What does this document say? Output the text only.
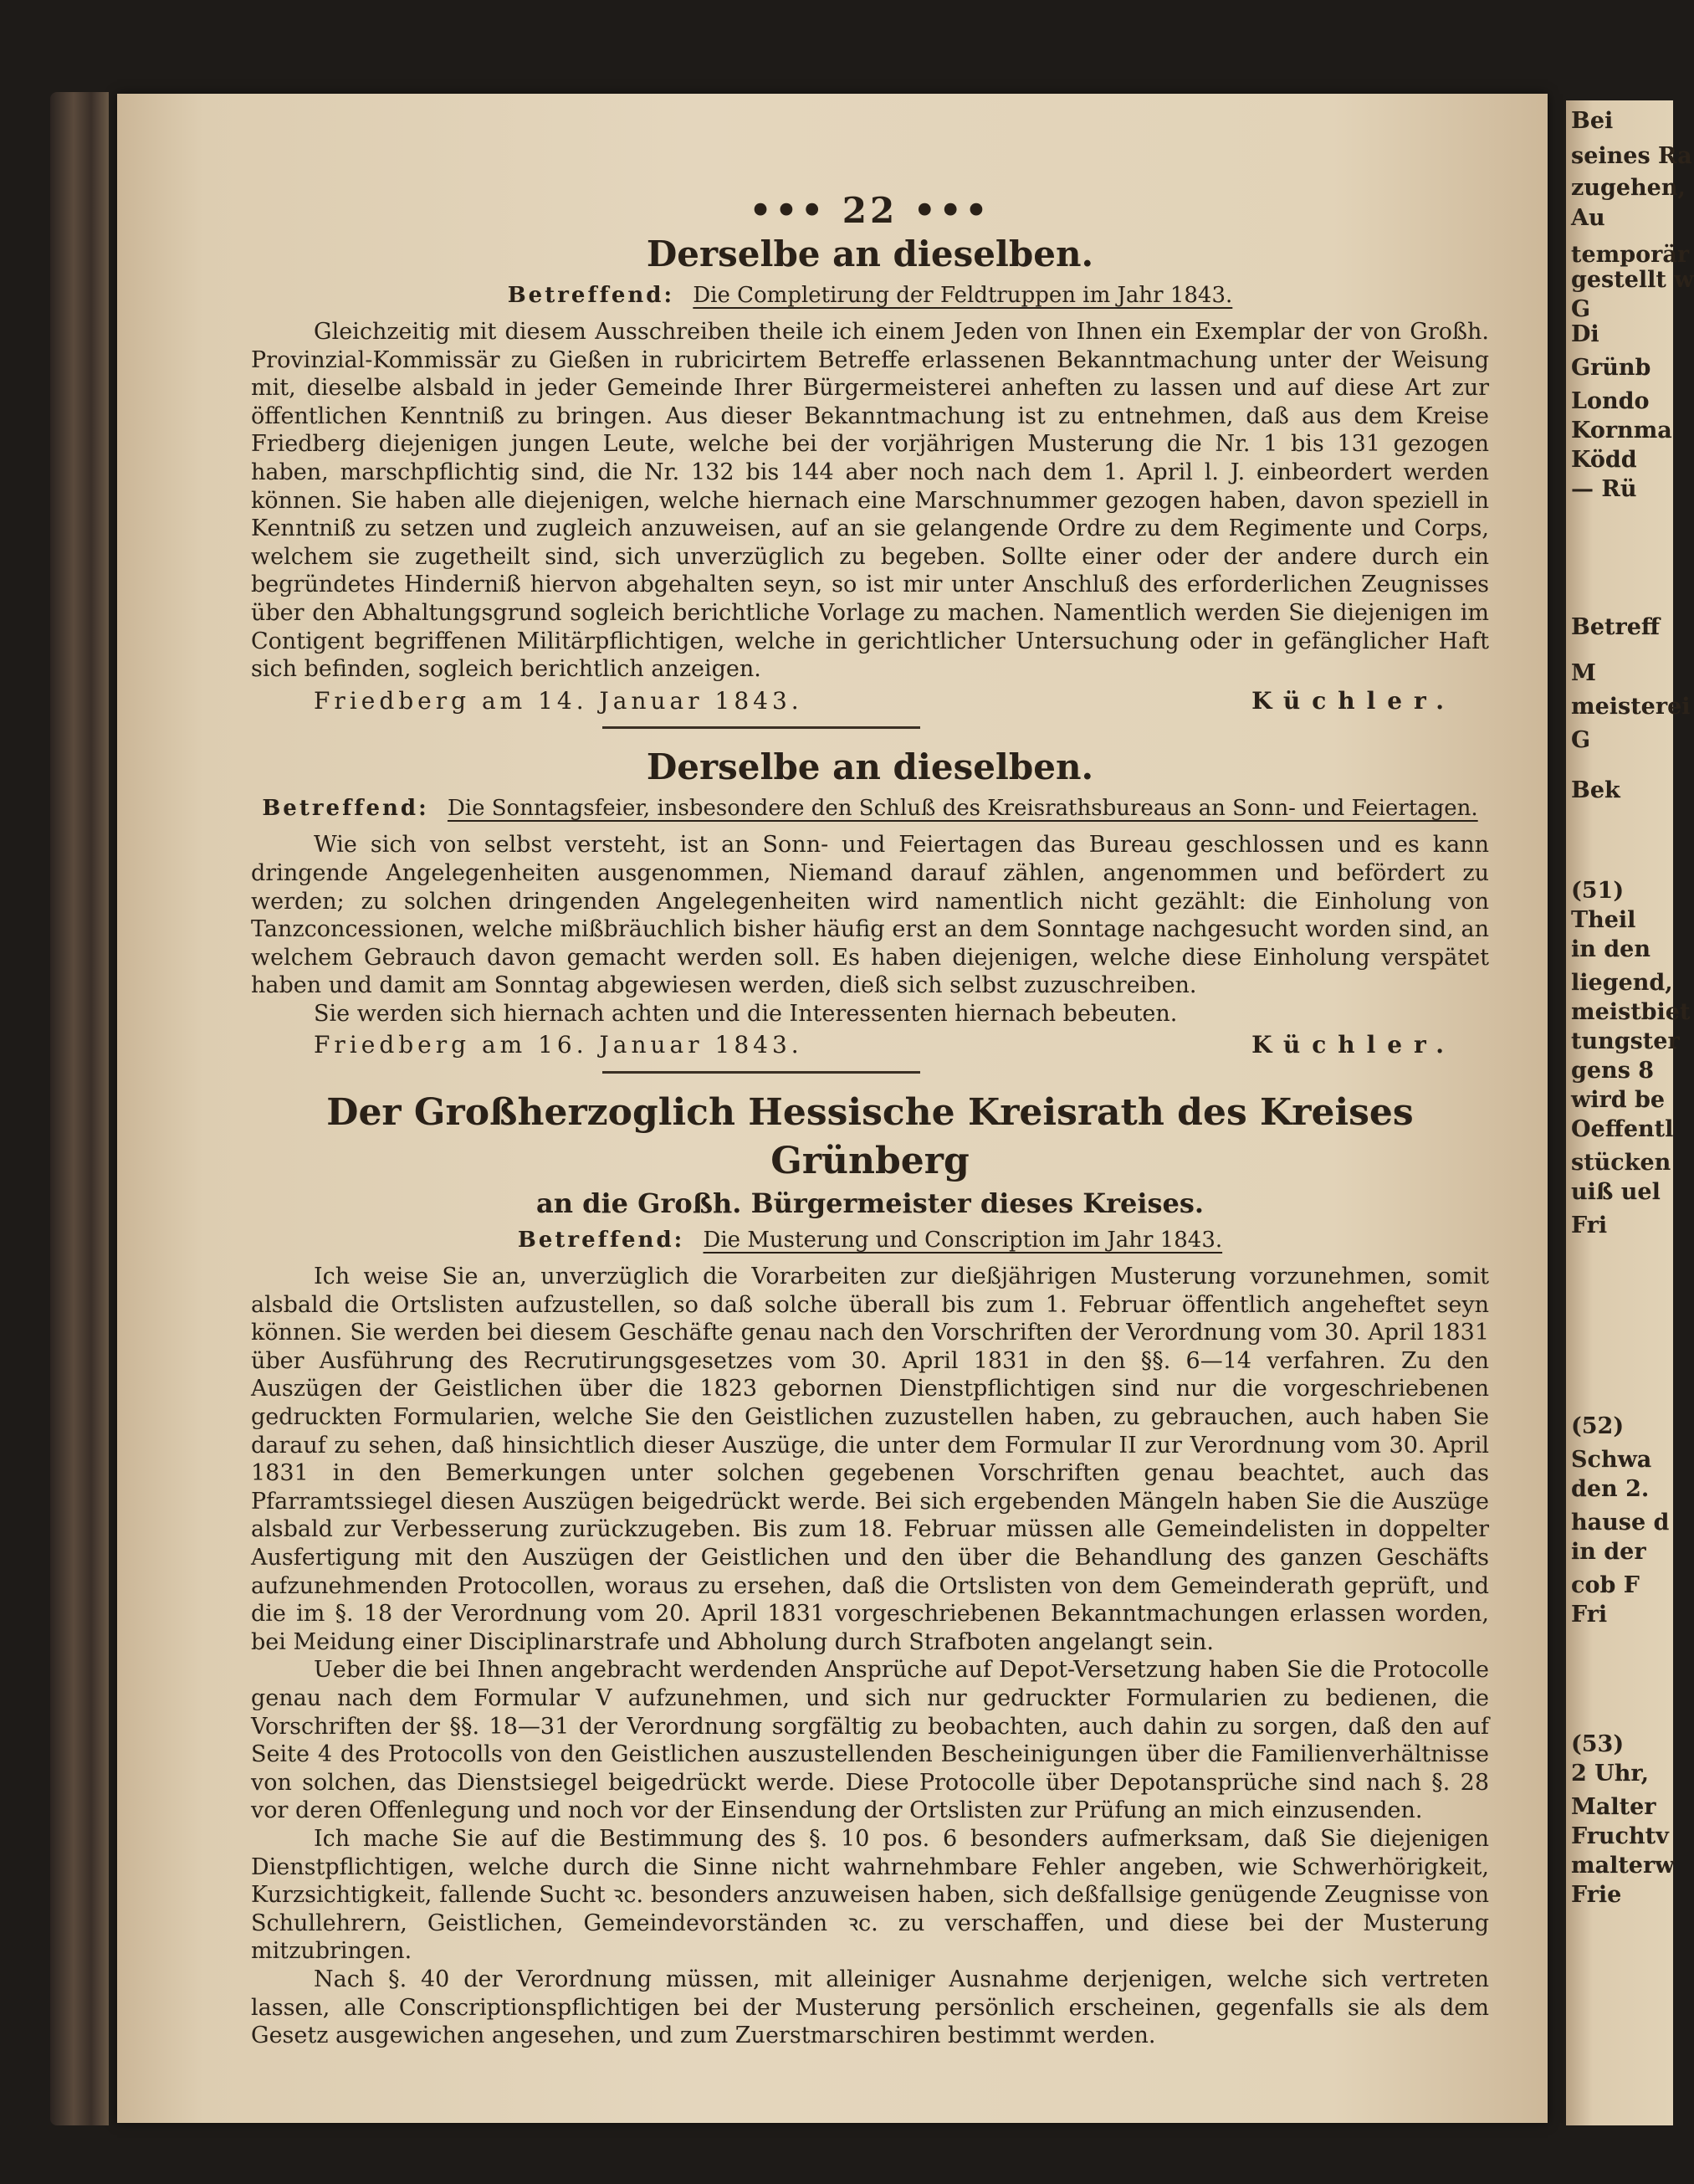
Bei
seines Ra
zugehen,
Au
temporär
gestellt w
G
Di
Grünb
Londo
Kornma
Ködd
— Rü
Betreff
M
meisterei
G
Bek
(51)
Theil
in den
liegend,
meistbiet
tungster
gens 8
wird be
Oeffentl
stücken
uiß uel
Fri
(52)
Schwa
den 2.
hause d
in der
cob F
Fri
(53)
2 Uhr,
Malter
Fruchtv
malterw
Frie
••• 22 •••
Derselbe an dieselben.
Betreffend: Die Completirung der Feldtruppen im Jahr 1843.

Gleichzeitig mit diesem Ausschreiben theile ich einem Jeden von Ihnen ein Exemplar der von Großh. Provinzial-Kommissär zu Gießen in rubricirtem Betreffe erlassenen Bekanntmachung unter der Weisung mit, dieselbe alsbald in jeder Gemeinde Ihrer Bürgermeisterei anheften zu lassen und auf diese Art zur öffentlichen Kenntniß zu bringen. Aus dieser Bekanntmachung ist zu entnehmen, daß aus dem Kreise Friedberg diejenigen jungen Leute, welche bei der vorjährigen Musterung die Nr. 1 bis 131 gezogen haben, marschpflichtig sind, die Nr. 132 bis 144 aber noch nach dem 1. April l. J. einbeordert werden können. Sie haben alle diejenigen, welche hiernach eine Marschnummer gezogen haben, davon speziell in Kenntniß zu setzen und zugleich anzuweisen, auf an sie gelangende Ordre zu dem Regimente und Corps, welchem sie zugetheilt sind, sich unverzüglich zu begeben. Sollte einer oder der andere durch ein begründetes Hinderniß hiervon abgehalten seyn, so ist mir unter Anschluß des erforderlichen Zeugnisses über den Abhaltungsgrund sogleich berichtliche Vorlage zu machen. Namentlich werden Sie diejenigen im Contigent begriffenen Militärpflichtigen, welche in gerichtlicher Untersuchung oder in gefänglicher Haft sich befinden, sogleich berichtlich anzeigen.

Friedberg am 14. Januar 1843.	Küchler.
Derselbe an dieselben.
Betreffend: Die Sonntagsfeier, insbesondere den Schluß des Kreisrathsbureaus an Sonn- und Feiertagen.

Wie sich von selbst versteht, ist an Sonn- und Feiertagen das Bureau geschlossen und es kann dringende Angelegenheiten ausgenommen, Niemand darauf zählen, angenommen und befördert zu werden; zu solchen dringenden Angelegenheiten wird namentlich nicht gezählt: die Einholung von Tanzconcessionen, welche mißbräuchlich bisher häufig erst an dem Sonntage nachgesucht worden sind, an welchem Gebrauch davon gemacht werden soll. Es haben diejenigen, welche diese Einholung verspätet haben und damit am Sonntag abgewiesen werden, dieß sich selbst zuzuschreiben.

Sie werden sich hiernach achten und die Interessenten hiernach bebeuten.

Friedberg am 16. Januar 1843.	Küchler.
Der Großherzoglich Hessische Kreisrath des Kreises Grünberg
an die Großh. Bürgermeister dieses Kreises.
Betreffend: Die Musterung und Conscription im Jahr 1843.

Ich weise Sie an, unverzüglich die Vorarbeiten zur dießjährigen Musterung vorzunehmen, somit alsbald die Ortslisten aufzustellen, so daß solche überall bis zum 1. Februar öffentlich angeheftet seyn können. Sie werden bei diesem Geschäfte genau nach den Vorschriften der Verordnung vom 30. April 1831 über Ausführung des Recrutirungsgesetzes vom 30. April 1831 in den §§. 6—14 verfahren. Zu den Auszügen der Geistlichen über die 1823 gebornen Dienstpflichtigen sind nur die vorgeschriebenen gedruckten Formularien, welche Sie den Geistlichen zuzustellen haben, zu gebrauchen, auch haben Sie darauf zu sehen, daß hinsichtlich dieser Auszüge, die unter dem Formular II zur Verordnung vom 30. April 1831 in den Bemerkungen unter solchen gegebenen Vorschriften genau beachtet, auch das Pfarramtssiegel diesen Auszügen beigedrückt werde. Bei sich ergebenden Mängeln haben Sie die Auszüge alsbald zur Verbesserung zurückzugeben. Bis zum 18. Februar müssen alle Gemeindelisten in doppelter Ausfertigung mit den Auszügen der Geistlichen und den über die Behandlung des ganzen Geschäfts aufzunehmenden Protocollen, woraus zu ersehen, daß die Ortslisten von dem Gemeinderath geprüft, und die im §. 18 der Verordnung vom 20. April 1831 vorgeschriebenen Bekanntmachungen erlassen worden, bei Meidung einer Disciplinarstrafe und Abholung durch Strafboten angelangt sein.

Ueber die bei Ihnen angebracht werdenden Ansprüche auf Depot-Versetzung haben Sie die Protocolle genau nach dem Formular V aufzunehmen, und sich nur gedruckter Formularien zu bedienen, die Vorschriften der §§. 18—31 der Verordnung sorgfältig zu beobachten, auch dahin zu sorgen, daß den auf Seite 4 des Protocolls von den Geistlichen auszustellenden Bescheinigungen über die Familienverhältnisse von solchen, das Dienstsiegel beigedrückt werde. Diese Protocolle über Depotansprüche sind nach §. 28 vor deren Offenlegung und noch vor der Einsendung der Ortslisten zur Prüfung an mich einzusenden.

Ich mache Sie auf die Bestimmung des §. 10 pos. 6 besonders aufmerksam, daß Sie diejenigen Dienstpflichtigen, welche durch die Sinne nicht wahrnehmbare Fehler angeben, wie Schwerhörigkeit, Kurzsichtigkeit, fallende Sucht ꝛc. besonders anzuweisen haben, sich deßfallsige genügende Zeugnisse von Schullehrern, Geistlichen, Gemeindevorständen ꝛc. zu verschaffen, und diese bei der Musterung mitzubringen.

Nach §. 40 der Verordnung müssen, mit alleiniger Ausnahme derjenigen, welche sich vertreten lassen, alle Conscriptionspflichtigen bei der Musterung persönlich erscheinen, gegenfalls sie als dem Gesetz ausgewichen angesehen, und zum Zuerstmarschiren bestimmt werden.
